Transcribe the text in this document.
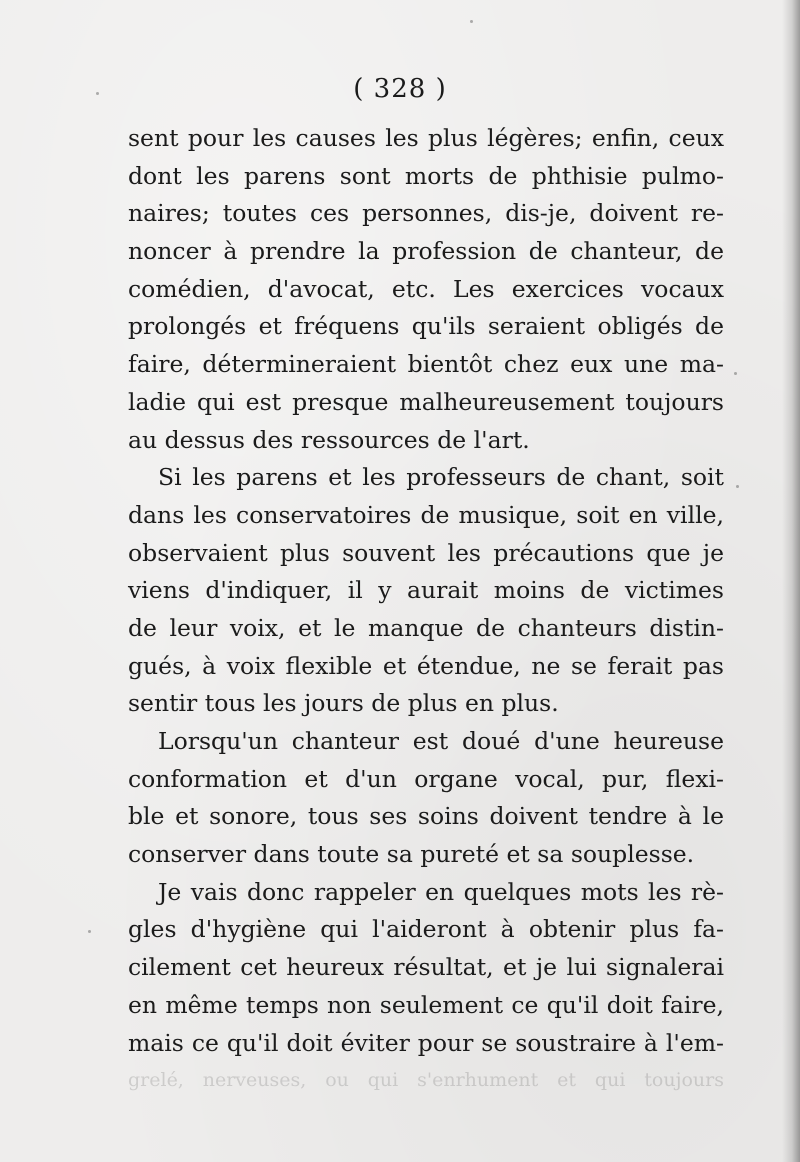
( 328 )
sent pour les causes les plus légères; enfin, ceux
dont les parens sont morts de phthisie pulmo-
naires; toutes ces personnes, dis-je, doivent re-
noncer à prendre la profession de chanteur, de
comédien, d'avocat, etc. Les exercices vocaux
prolongés et fréquens qu'ils seraient obligés de
faire, détermineraient bientôt chez eux une ma-
ladie qui est presque malheureusement toujours
au dessus des ressources de l'art.
Si les parens et les professeurs de chant, soit
dans les conservatoires de musique, soit en ville,
observaient plus souvent les précautions que je
viens d'indiquer, il y aurait moins de victimes
de leur voix, et le manque de chanteurs distin-
gués, à voix flexible et étendue, ne se ferait pas
sentir tous les jours de plus en plus.
Lorsqu'un chanteur est doué d'une heureuse
conformation et d'un organe vocal, pur, flexi-
ble et sonore, tous ses soins doivent tendre à le
conserver dans toute sa pureté et sa souplesse.
Je vais donc rappeler en quelques mots les rè-
gles d'hygiène qui l'aideront à obtenir plus fa-
cilement cet heureux résultat, et je lui signalerai
en même temps non seulement ce qu'il doit faire,
mais ce qu'il doit éviter pour se soustraire à l'em-
grelé, nerveuses, ou qui s'enrhument et qui toujours
